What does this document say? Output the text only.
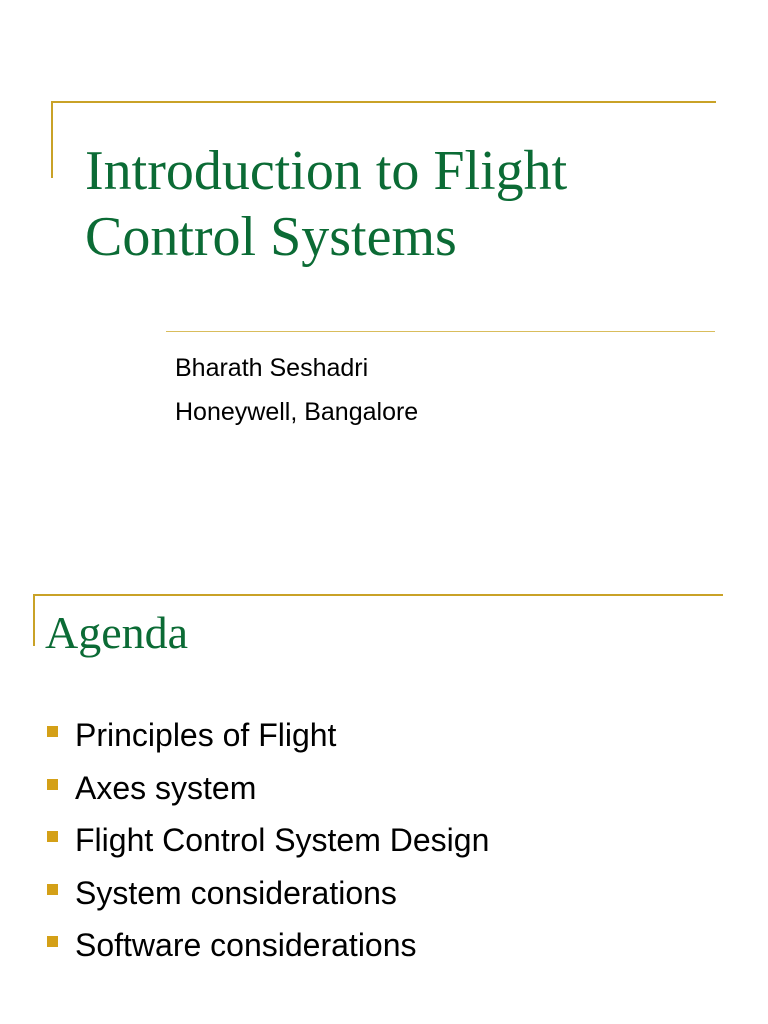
Introduction to Flight Control Systems
Bharath Seshadri
Honeywell, Bangalore
Agenda
Principles of Flight
Axes system
Flight Control System Design
System considerations
Software considerations
